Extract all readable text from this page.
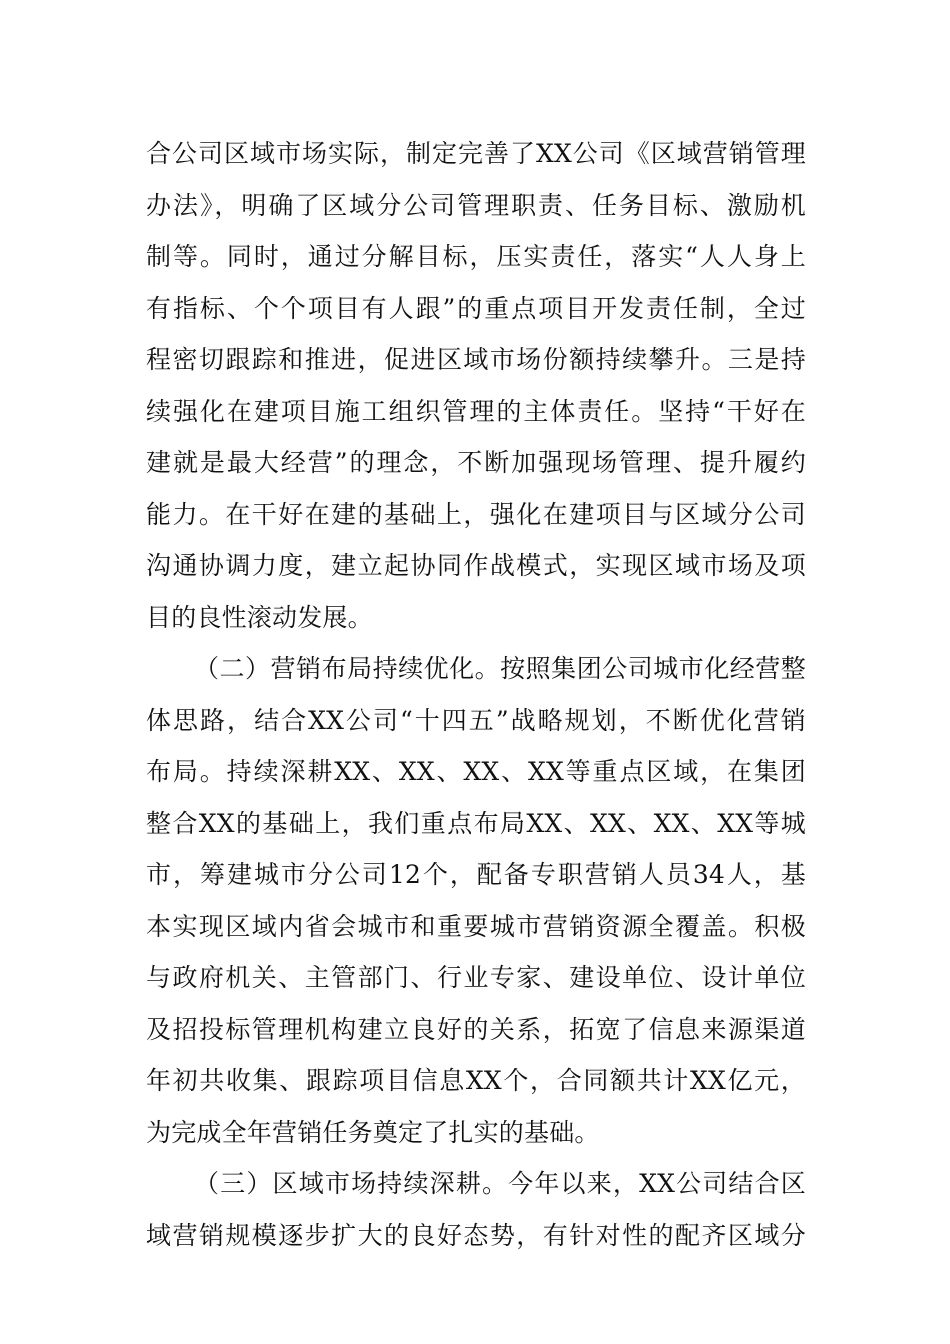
合公司区域市场实际，制定完善了XX公司《区域营销管理
办法》，明确了区域分公司管理职责、任务目标、激励机
制等。同时，通过分解目标，压实责任，落实“人人身上
有指标、个个项目有人跟”的重点项目开发责任制，全过
程密切跟踪和推进，促进区域市场份额持续攀升。三是持
续强化在建项目施工组织管理的主体责任。坚持“干好在
建就是最大经营”的理念，不断加强现场管理、提升履约
能力。在干好在建的基础上，强化在建项目与区域分公司
沟通协调力度，建立起协同作战模式，实现区域市场及项
目的良性滚动发展。
（二）营销布局持续优化。按照集团公司城市化经营整
体思路，结合XX公司“十四五”战略规划，不断优化营销
布局。持续深耕XX、XX、XX、XX等重点区域，在集团
整合XX的基础上，我们重点布局XX、XX、XX、XX等城
市，筹建城市分公司12个，配备专职营销人员34人，基
本实现区域内省会城市和重要城市营销资源全覆盖。积极
与政府机关、主管部门、行业专家、建设单位、设计单位
及招投标管理机构建立良好的关系，拓宽了信息来源渠道
年初共收集、跟踪项目信息XX个，合同额共计XX亿元，
为完成全年营销任务奠定了扎实的基础。
（三）区域市场持续深耕。今年以来，XX公司结合区
域营销规模逐步扩大的良好态势，有针对性的配齐区域分
